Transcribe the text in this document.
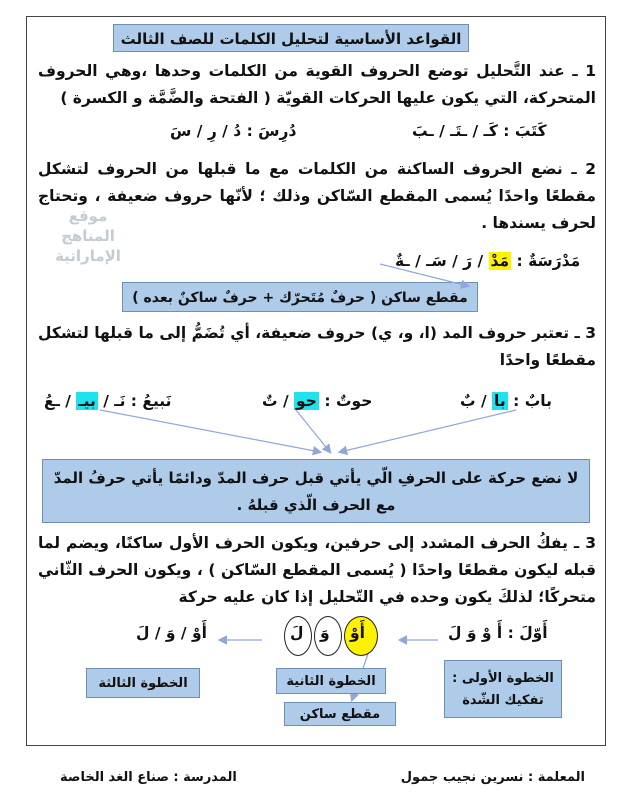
القواعد الأساسية لتحليل الكلمات للصف الثالث
1 ـ عند التَّحليل توضع الحروف القوية من الكلمات وحدها ،وهي الحروف المتحركة، التي يكون عليها الحركات القويّة ( الفتحة والضَّمَّة و الكسرة )
كَتَبَ : كَـ / ـتَـ / ـبَ
دُرِسَ : دُ / رِ / سَ
2 ـ نضع الحروف الساكنة من الكلمات مع ما قبلها من الحروف لتشكل مقطعًا واحدًا يُسمى المقطع السّاكن وذلك ؛ لأنّها حروف ضعيفة ، وتحتاج لحرف يسندها .
مَدْرَسَةٌ : مَدْ / رَ / سَـ / ـةٌ
مقطع ساكن ( حرفٌ مُتَحرّك + حرفٌ ساكنٌ بعده )
3 ـ تعتبر حروف المد (ا، و، ي) حروف ضعيفة، أي تُضَمُّ إلى ما قبلها لتشكل مقطعًا واحدًا
بابٌ : با / بٌ
حوتٌ : حو / تٌ
نَبيعُ : نَـ / بيـ / ـعُ
لا نضع حركة على الحرفِ الّي يأتي قبل حرف المدّ ودائمًا يأتي حرفُ المدّ مع الحرف الّذي قبلهُ .
3 ـ يفكُ الحرف المشدد إلى حرفين، ويكون الحرف الأول ساكنًا، ويضم لما قبله ليكون مقطعًا واحدًا ( يُسمى المقطع السّاكن ) ، ويكون الحرف الثّاني متحركًا؛ لذلكَ يكون وحده في التّحليل إذا كان عليه حركة
أَوّلَ : أَ وْ وَ لَ
أَوْ
وَ
لَ
أَوْ / وَ / لَ
الخطوة الأولى :
تفكيك الشّدة
الخطوة الثانية
الخطوة الثالثة
مقطع ساكن
موقع المناهج الإماراتية
المعلمة : نسرين نجيب جمول
المدرسة : صناع الغد الخاصة
